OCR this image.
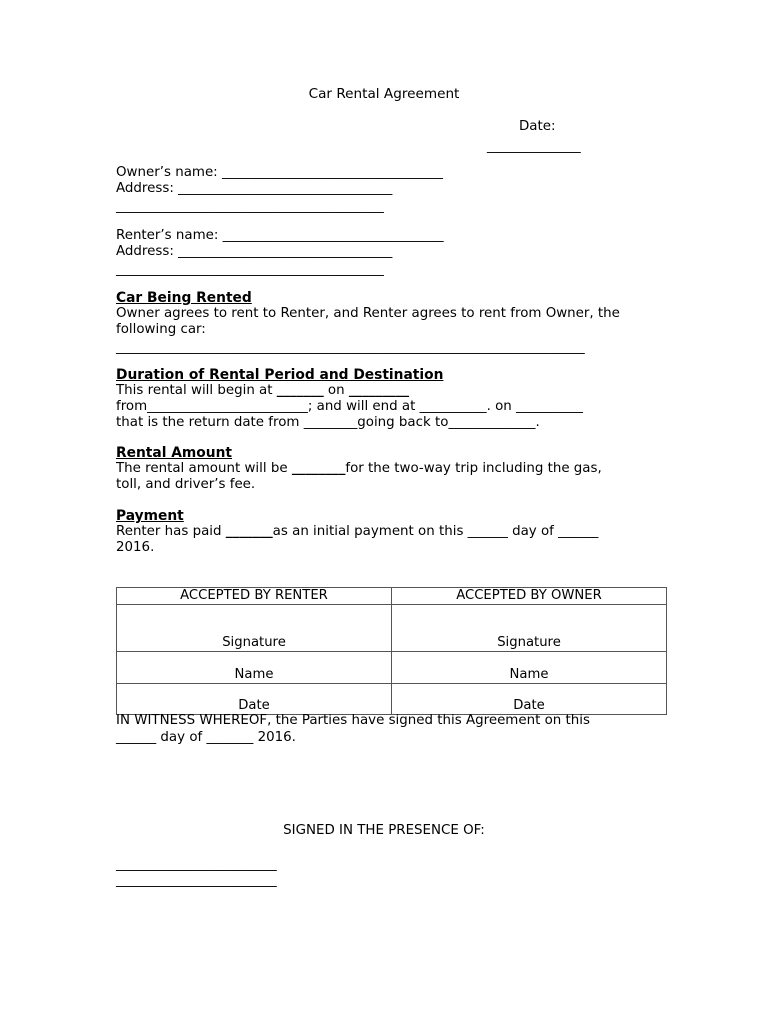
Car Rental Agreement
Date:
______________
Owner’s name: _________________________________
Address: ________________________________
________________________________________
Renter’s name: _________________________________
Address: ________________________________
________________________________________
Car Being Rented
Owner agrees to rent to Renter, and Renter agrees to rent from Owner, the
following car:
______________________________________________________________________
Duration of Rental Period and Destination
This rental will begin at _______ on _________
from________________________; and will end at __________. on __________
that is the return date from ________going back to_____________.
Rental Amount
The rental amount will be ________for the two-way trip including the gas,
toll, and driver’s fee.
Payment
Renter has paid _______as an initial payment on this ______ day of ______
2016.
ACCEPTED BY RENTER	ACCEPTED BY OWNER
Signature	Signature
Name	Name
Date	Date
IN WITNESS WHEREOF, the Parties have signed this Agreement on this
______ day of _______ 2016.
SIGNED IN THE PRESENCE OF:
________________________
________________________
